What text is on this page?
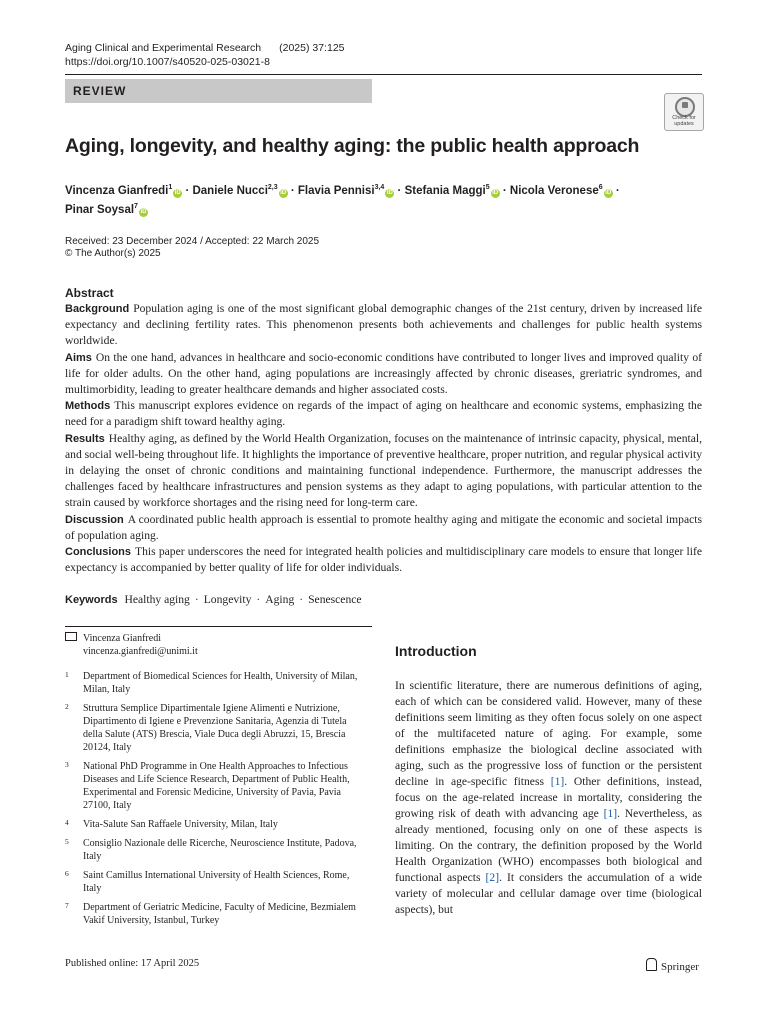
Aging Clinical and Experimental Research (2025) 37:125
https://doi.org/10.1007/s40520-025-03021-8
REVIEW
Check for updates
Aging, longevity, and healthy aging: the public health approach
Vincenza Gianfredi$^1$iD · Daniele Nucci$^{2,3}$iD · Flavia Pennisi$^{3,4}$iD · Stefania Maggi$^5$iD · Nicola Veronese$^6$iD ·
Pinar Soysal$^7$iD
Received: 23 December 2024 / Accepted: 22 March 2025
© The Author(s) 2025
Abstract

Background Population aging is one of the most significant global demographic changes of the 21st century, driven by increased life expectancy and declining fertility rates. This phenomenon presents both achievements and challenges for public health systems worldwide.

Aims On the one hand, advances in healthcare and socio-economic conditions have contributed to longer lives and improved quality of life for older adults. On the other hand, aging populations are increasingly affected by chronic diseases, greriatric syndromes, and multimorbidity, leading to greater healthcare demands and higher associated costs.

Methods This manuscript explores evidence on regards of the impact of aging on healthcare and economic systems, emphasizing the need for a paradigm shift toward healthy aging.

Results Healthy aging, as defined by the World Health Organization, focuses on the maintenance of intrinsic capacity, physical, mental, and social well-being throughout life. It highlights the importance of preventive healthcare, proper nutrition, and regular physical activity in delaying the onset of chronic conditions and maintaining functional independence. Furthermore, the manuscript addresses the challenges faced by healthcare infrastructures and pension systems as they adapt to aging populations, with particular attention to the strain caused by workforce shortages and the rising need for long-term care.

Discussion A coordinated public health approach is essential to promote healthy aging and mitigate the economic and societal impacts of population aging.

Conclusions This paper underscores the need for integrated health policies and multidisciplinary care models to ensure that longer life expectancy is accompanied by better quality of life for older individuals.

Keywords Healthy aging · Longevity · Aging · Senescence
Vincenza Gianfredi
vincenza.gianfredi@unimi.it
1 Department of Biomedical Sciences for Health, University of Milan, Milan, Italy
2 Struttura Semplice Dipartimentale Igiene Alimenti e Nutrizione, Dipartimento di Igiene e Prevenzione Sanitaria, Agenzia di Tutela della Salute (ATS) Brescia, Viale Duca degli Abruzzi, 15, Brescia 20124, Italy
3 National PhD Programme in One Health Approaches to Infectious Diseases and Life Science Research, Department of Public Health, Experimental and Forensic Medicine, University of Pavia, Pavia 27100, Italy
4 Vita-Salute San Raffaele University, Milan, Italy
5 Consiglio Nazionale delle Ricerche, Neuroscience Institute, Padova, Italy
6 Saint Camillus International University of Health Sciences, Rome, Italy
7 Department of Geriatric Medicine, Faculty of Medicine, Bezmialem Vakif University, Istanbul, Turkey
Introduction
In scientific literature, there are numerous definitions of aging, each of which can be considered valid. However, many of these definitions seem limiting as they often focus solely on one aspect of the multifaceted nature of aging. For example, some definitions emphasize the biological decline associated with aging, such as the progressive loss of function or the persistent decline in age-specific fitness [1]. Other definitions, instead, focus on the age-related increase in mortality, considering the growing risk of death with advancing age [1]. Nevertheless, as already mentioned, focusing only on one of these aspects is limiting. On the contrary, the definition proposed by the World Health Organization (WHO) encompasses both biological and functional aspects [2]. It considers the accumulation of a wide variety of molecular and cellular damage over time (biological aspects), but
Published online: 17 April 2025	Springer
